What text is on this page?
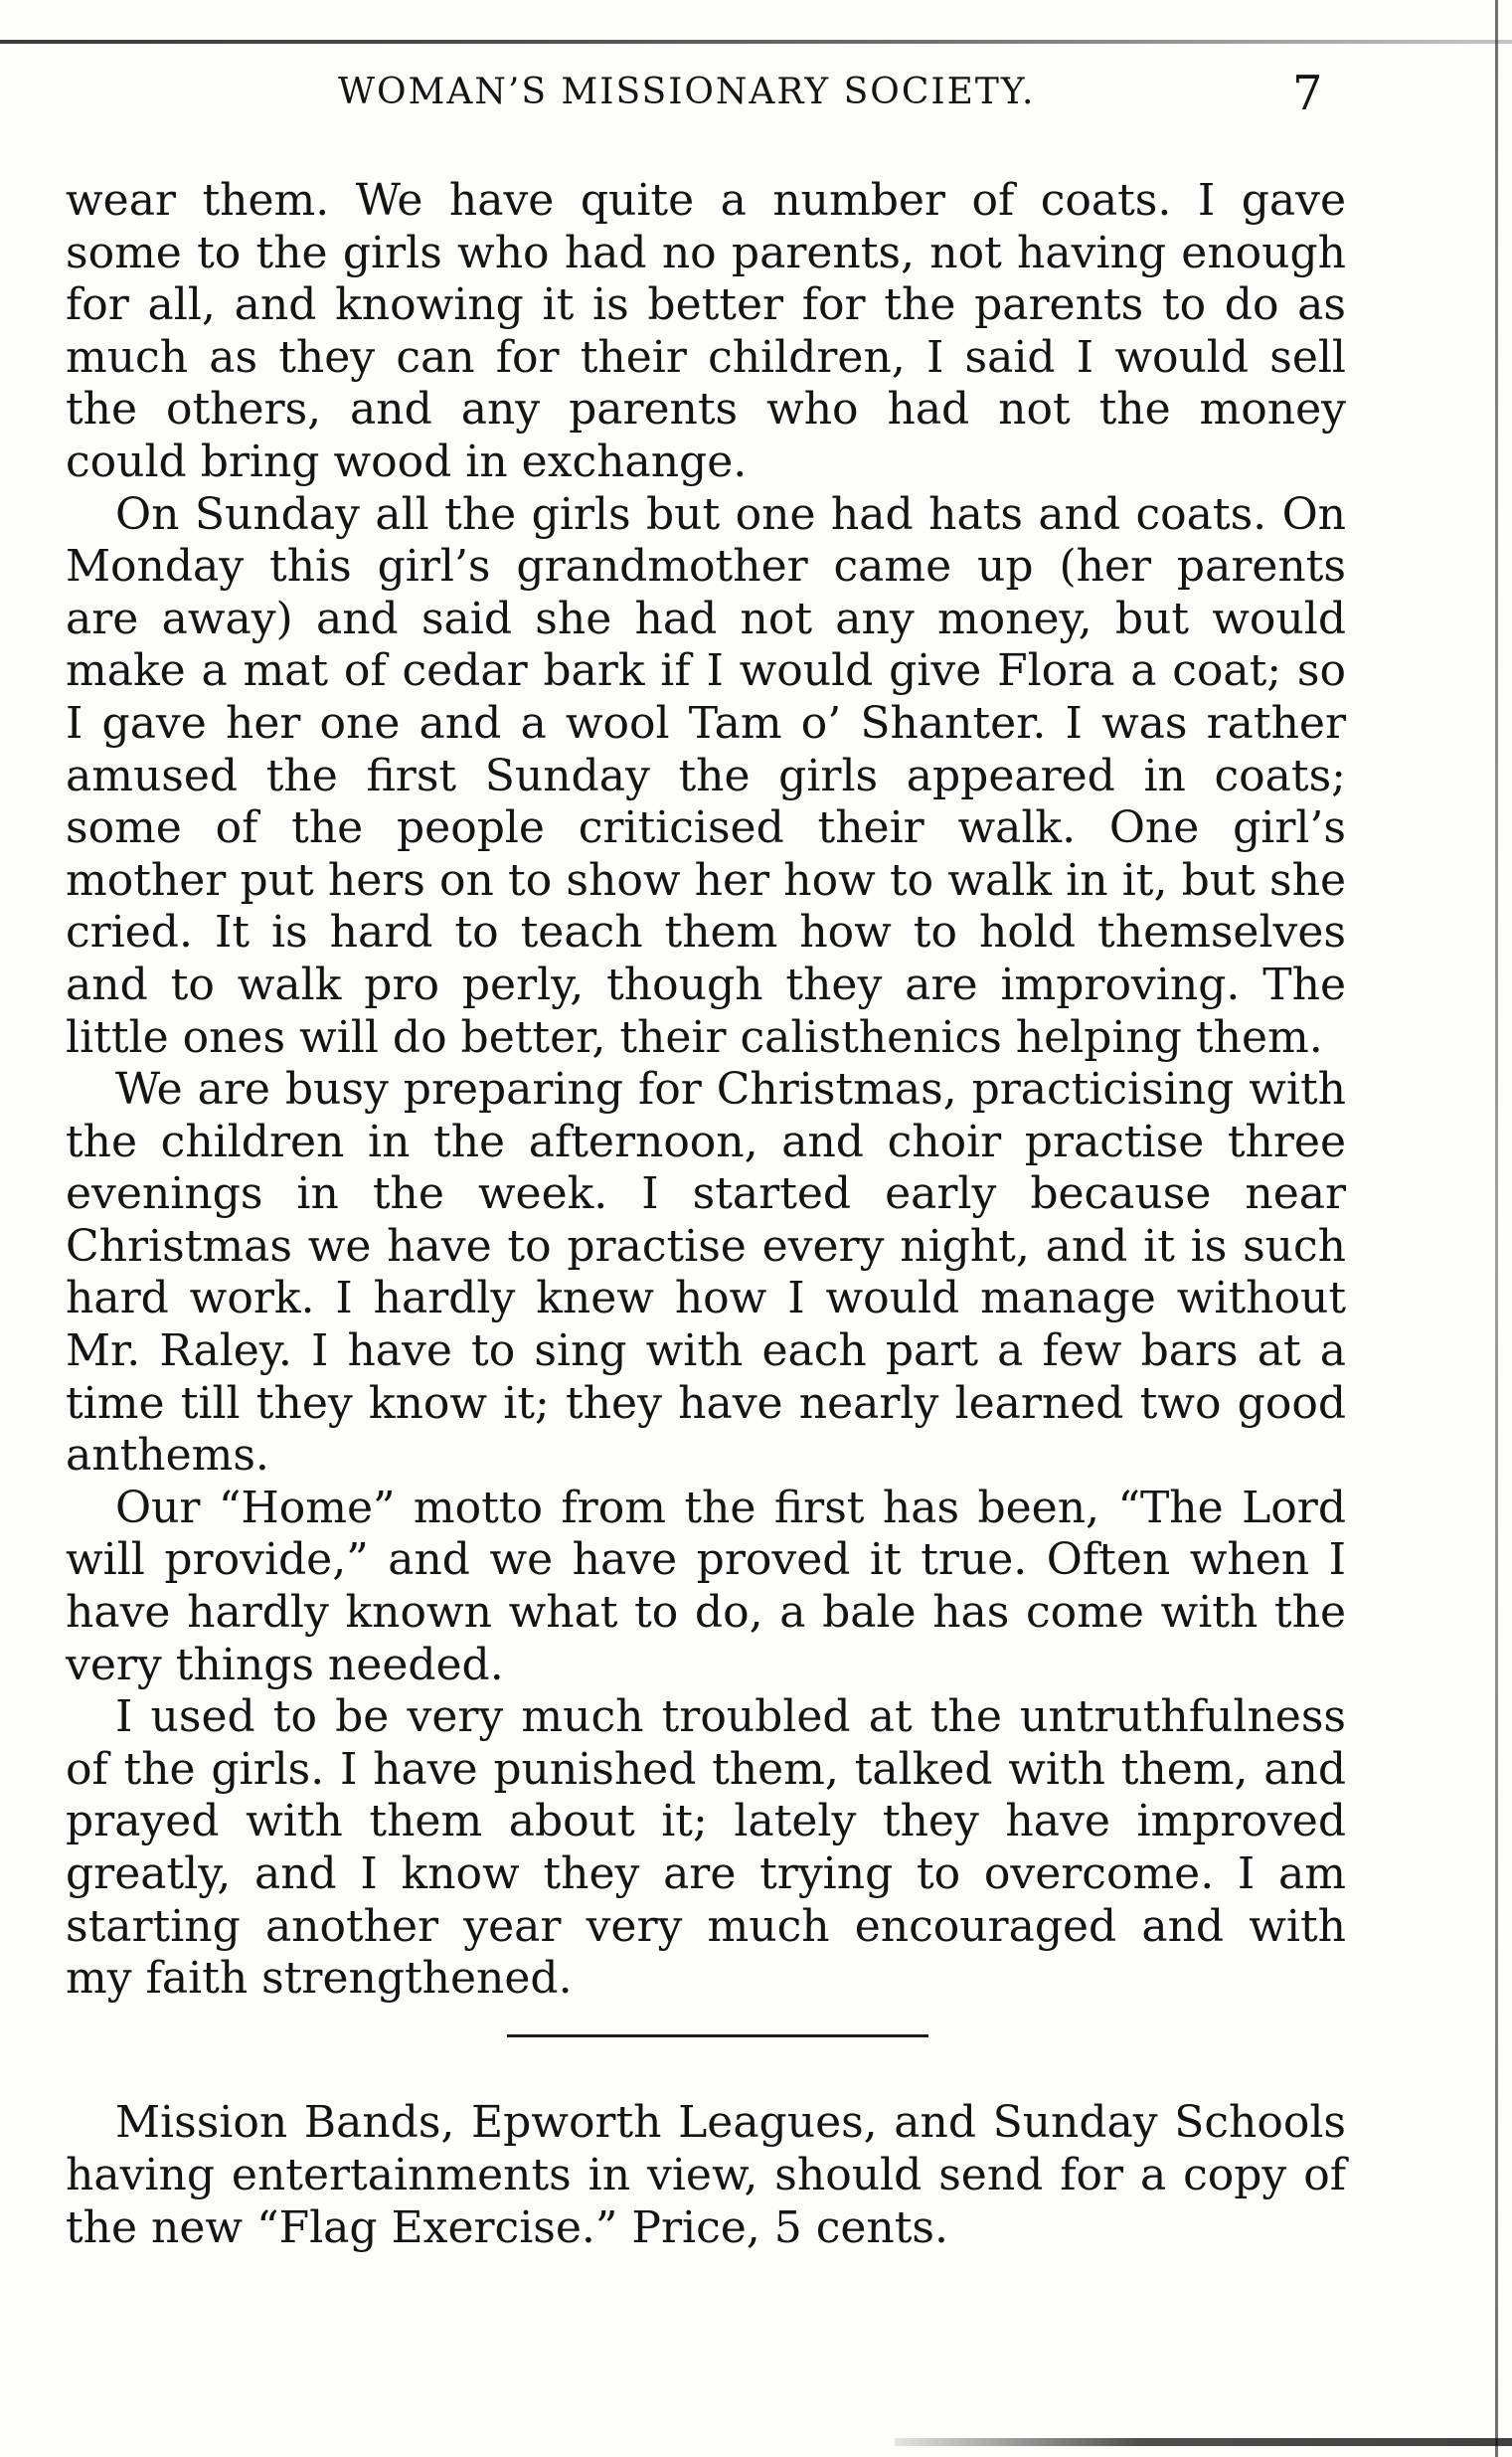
WOMAN’S MISSIONARY SOCIETY.	7

wear them. We have quite a number of coats. I gave some to the girls who had no parents, not having enough for all, and knowing it is better for the parents to do as much as they can for their children, I said I would sell the others, and any parents who had not the money could bring wood in exchange.

On Sunday all the girls but one had hats and coats. On Monday this girl’s grandmother came up (her parents are away) and said she had not any money, but would make a mat of cedar bark if I would give Flora a coat; so I gave her one and a wool Tam o’ Shanter. I was rather amused the first Sunday the girls appeared in coats; some of the people criticised their walk. One girl’s mother put hers on to show her how to walk in it, but she cried. It is hard to teach them how to hold themselves and to walk pro perly, though they are improving. The little ones will do better, their calisthenics helping them.

We are busy preparing for Christmas, practicising with the children in the afternoon, and choir practise three evenings in the week. I started early because near Christmas we have to practise every night, and it is such hard work. I hardly knew how I would manage without Mr. Raley. I have to sing with each part a few bars at a time till they know it; they have nearly learned two good anthems.

Our “Home” motto from the first has been, “The Lord will provide,” and we have proved it true. Often when I have hardly known what to do, a bale has come with the very things needed.

I used to be very much troubled at the untruthfulness of the girls. I have punished them, talked with them, and prayed with them about it; lately they have improved greatly, and I know they are trying to overcome. I am starting another year very much encouraged and with my faith strengthened.

Mission Bands, Epworth Leagues, and Sunday Schools having entertainments in view, should send for a copy of the new “Flag Exercise.” Price, 5 cents.
